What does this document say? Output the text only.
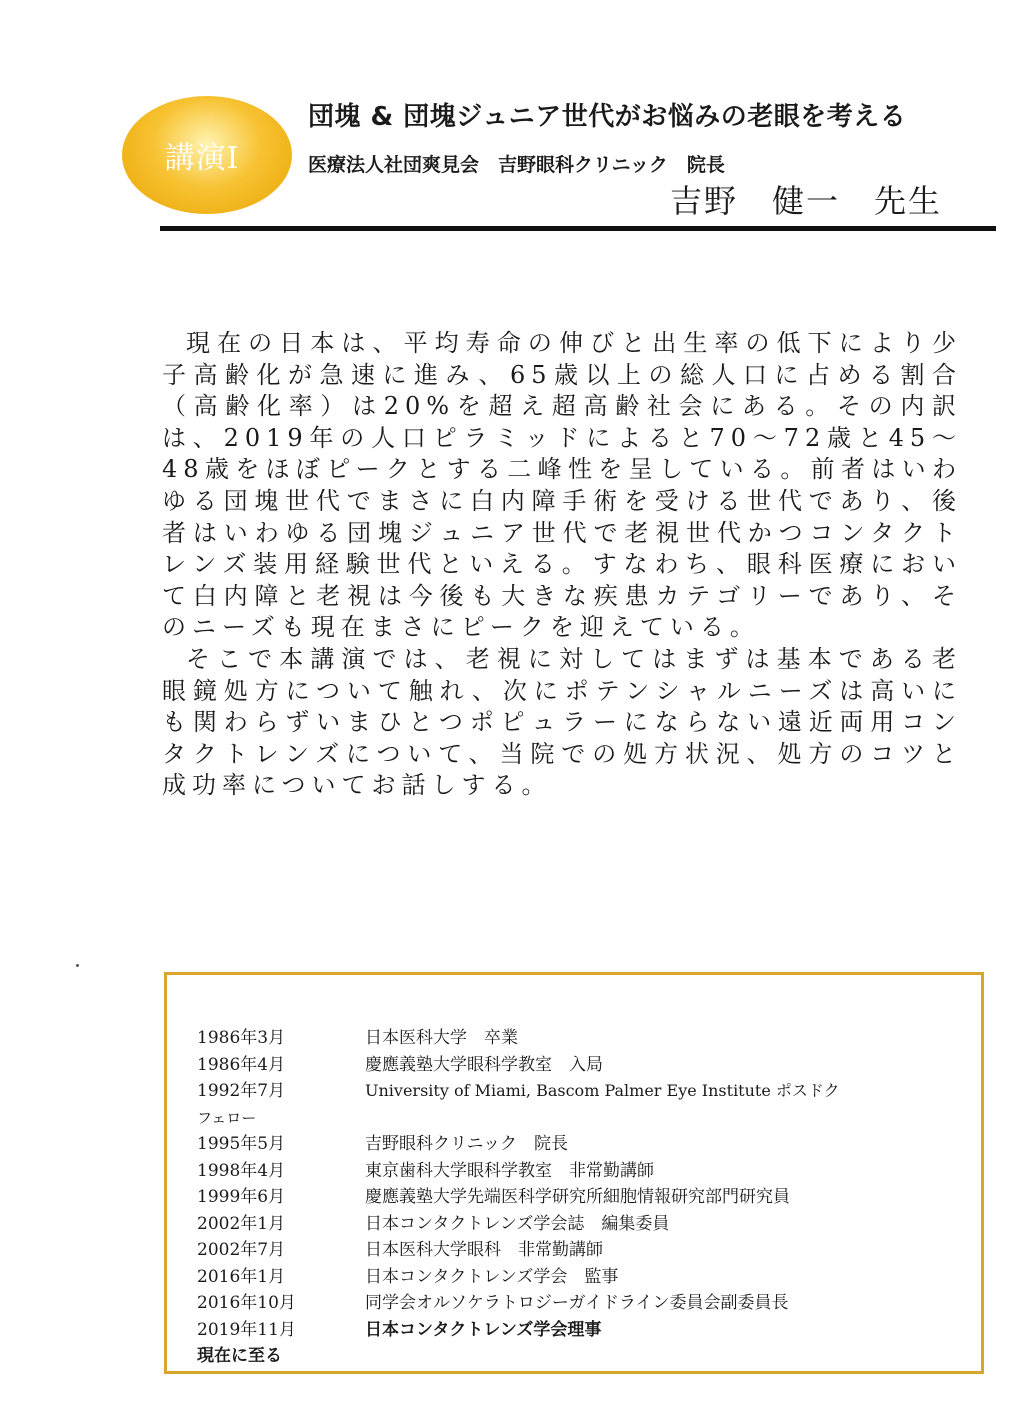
講演Ⅰ
団塊 & 団塊ジュニア世代がお悩みの老眼を考える
医療法人社団爽見会　吉野眼科クリニック　院長
吉野　健一　先生

現在の日本は、平均寿命の伸びと出生率の低下により少子高齢化が急速に進み、65歳以上の総人口に占める割合（高齢化率）は20%を超え超高齢社会にある。その内訳は、2019年の人口ピラミッドによると70～72歳と45～48歳をほぼピークとする二峰性を呈している。前者はいわゆる団塊世代でまさに白内障手術を受ける世代であり、後者はいわゆる団塊ジュニア世代で老視世代かつコンタクトレンズ装用経験世代といえる。すなわち、眼科医療において白内障と老視は今後も大きな疾患カテゴリーであり、そのニーズも現在まさにピークを迎えている。

そこで本講演では、老視に対してはまずは基本である老眼鏡処方について触れ、次にポテンシャルニーズは高いにも関わらずいまひとつポピュラーにならない遠近両用コンタクトレンズについて、当院での処方状況、処方のコツと成功率についてお話しする。

1986年3月	日本医科大学　卒業
1986年4月	慶應義塾大学眼科学教室　入局
1992年7月	University of Miami, Bascom Palmer Eye Institute ポスドク
フェロー
1995年5月	吉野眼科クリニック　院長
1998年4月	東京歯科大学眼科学教室　非常勤講師
1999年6月	慶應義塾大学先端医科学研究所細胞情報研究部門研究員
2002年1月	日本コンタクトレンズ学会誌　編集委員
2002年7月	日本医科大学眼科　非常勤講師
2016年1月	日本コンタクトレンズ学会　監事
2016年10月	同学会オルソケラトロジーガイドライン委員会副委員長
2019年11月	日本コンタクトレンズ学会理事
現在に至る
